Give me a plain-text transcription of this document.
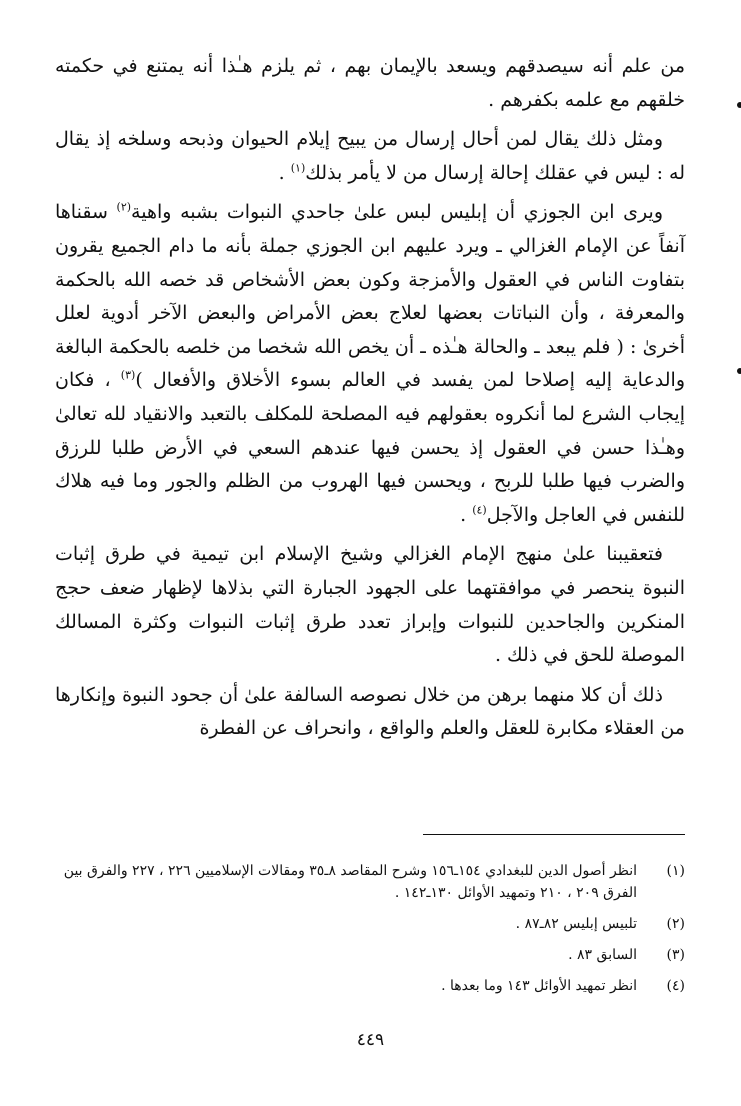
من علم أنه سيصدقهم ويسعد بالإيمان بهم ، ثم يلزم هـٰذا أنه يمتنع في حكمته خلقهم مع علمه بكفرهم .

ومثل ذلك يقال لمن أحال إرسال من يبيح إيلام الحيوان وذبحه وسلخه إذ يقال له : ليس في عقلك إحالة إرسال من لا يأمر بذلك$^{(١)}$ .

ويرى ابن الجوزي أن إبليس لبس علىٰ جاحدي النبوات بشبه واهية$^{(٢)}$ سقناها آنفاً عن الإمام الغزالي ـ ويرد عليهم ابن الجوزي جملة بأنه ما دام الجميع يقرون بتفاوت الناس في العقول والأمزجة وكون بعض الأشخاص قد خصه الله بالحكمة والمعرفة ، وأن النباتات بعضها لعلاج بعض الأمراض والبعض الآخر أدوية لعلل أخرىٰ : ( فلم يبعد ـ والحالة هـٰذه ـ أن يخص الله شخصا من خلصه بالحكمة البالغة والدعاية إليه إصلاحا لمن يفسد في العالم بسوء الأخلاق والأفعال )$^{(٣)}$ ، فكان إيجاب الشرع لما أنكروه بعقولهم فيه المصلحة للمكلف بالتعبد والانقياد لله تعالىٰ وهـٰذا حسن في العقول إذ يحسن فيها عندهم السعي في الأرض طلبا للرزق والضرب فيها طلبا للربح ، ويحسن فيها الهروب من الظلم والجور وما فيه هلاك للنفس في العاجل والآجل$^{(٤)}$ .

فتعقيبنا علىٰ منهج الإمام الغزالي وشيخ الإسلام ابن تيمية في طرق إثبات النبوة ينحصر في موافقتهما على الجهود الجبارة التي بذلاها لإظهار ضعف حجج المنكرين والجاحدين للنبوات وإبراز تعدد طرق إثبات النبوات وكثرة المسالك الموصلة للحق في ذلك .

ذلك أن كلا منهما برهن من خلال نصوصه السالفة علىٰ أن جحود النبوة وإنكارها من العقلاء مكابرة للعقل والعلم والواقع ، وانحراف عن الفطرة

(١)
انظر أصول الدين للبغدادي ١٥٤ـ١٥٦ وشرح المقاصد ٨ـ٣٥ ومقالات الإسلاميين ٢٢٦ ، ٢٢٧ والفرق بين الفرق ٢٠٩ ، ٢١٠ وتمهيد الأوائل ١٣٠ـ١٤٢ .
(٢)
تلبيس إبليس ٨٢ـ٨٧ .
(٣)
السابق ٨٣ .
(٤)
انظر تمهيد الأوائل ١٤٣ وما بعدها .
٤٤٩
